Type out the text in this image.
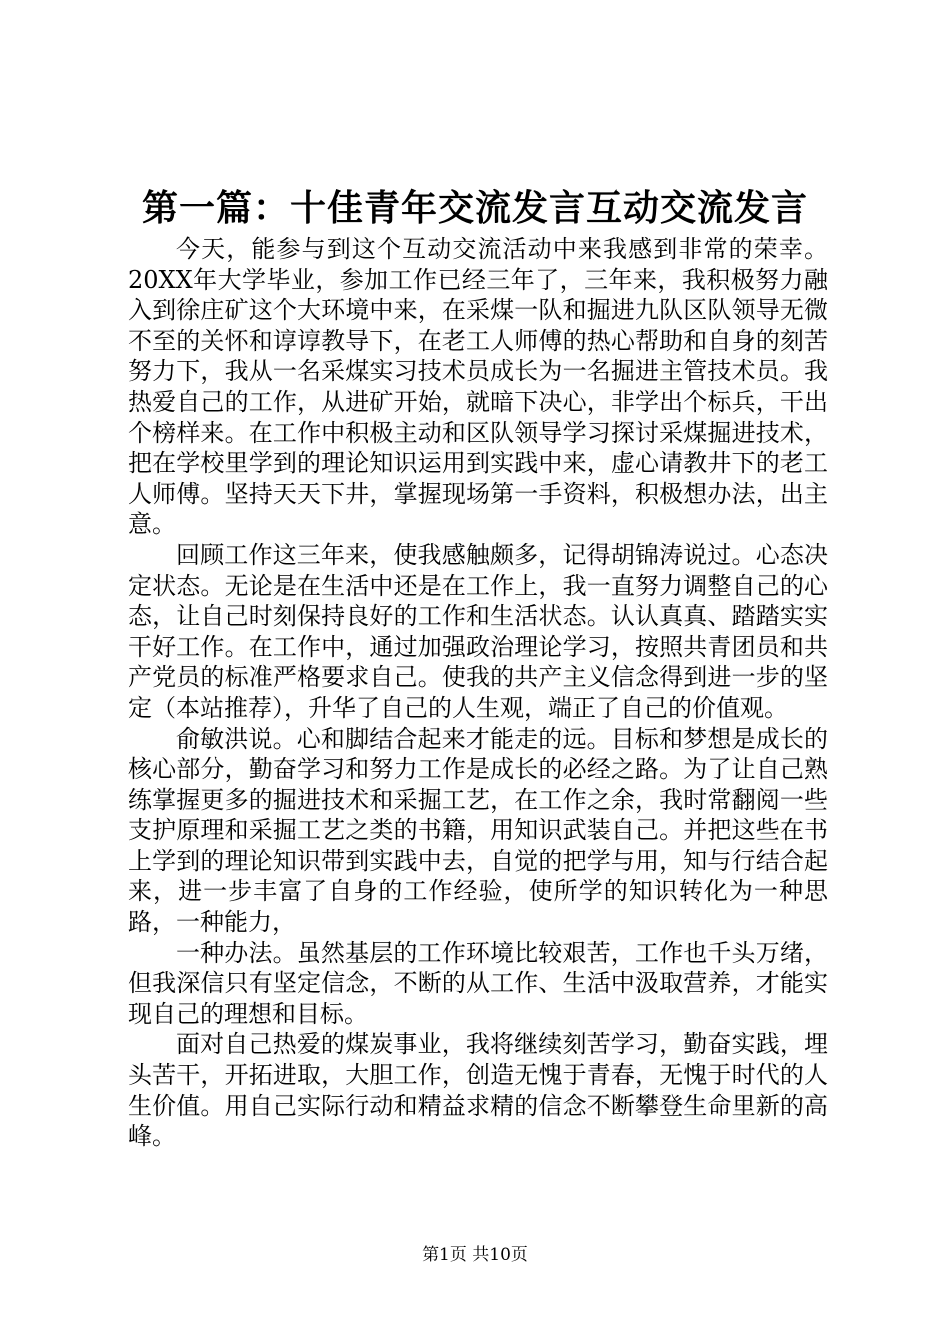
第一篇：十佳青年交流发言互动交流发言

今天，能参与到这个互动交流活动中来我感到非常的荣幸。20XX年大学毕业，参加工作已经三年了，三年来，我积极努力融入到徐庄矿这个大环境中来，在采煤一队和掘进九队区队领导无微不至的关怀和谆谆教导下，在老工人师傅的热心帮助和自身的刻苦努力下，我从一名采煤实习技术员成长为一名掘进主管技术员。我热爱自己的工作，从进矿开始，就暗下决心，非学出个标兵，干出个榜样来。在工作中积极主动和区队领导学习探讨采煤掘进技术，把在学校里学到的理论知识运用到实践中来，虚心请教井下的老工人师傅。坚持天天下井，掌握现场第一手资料，积极想办法，出主意。

回顾工作这三年来，使我感触颇多，记得胡锦涛说过。心态决定状态。无论是在生活中还是在工作上，我一直努力调整自己的心态，让自己时刻保持良好的工作和生活状态。认认真真、踏踏实实干好工作。在工作中，通过加强政治理论学习，按照共青团员和共产党员的标准严格要求自己。使我的共产主义信念得到进一步的坚定（本站推荐），升华了自己的人生观，端正了自己的价值观。

俞敏洪说。心和脚结合起来才能走的远。目标和梦想是成长的核心部分，勤奋学习和努力工作是成长的必经之路。为了让自己熟练掌握更多的掘进技术和采掘工艺，在工作之余，我时常翻阅一些支护原理和采掘工艺之类的书籍，用知识武装自己。并把这些在书上学到的理论知识带到实践中去，自觉的把学与用，知与行结合起来，进一步丰富了自身的工作经验，使所学的知识转化为一种思路，一种能力，

一种办法。虽然基层的工作环境比较艰苦，工作也千头万绪，但我深信只有坚定信念，不断的从工作、生活中汲取营养，才能实现自己的理想和目标。

面对自己热爱的煤炭事业，我将继续刻苦学习，勤奋实践，埋头苦干，开拓进取，大胆工作，创造无愧于青春，无愧于时代的人生价值。用自己实际行动和精益求精的信念不断攀登生命里新的高峰。

第1页 共10页
